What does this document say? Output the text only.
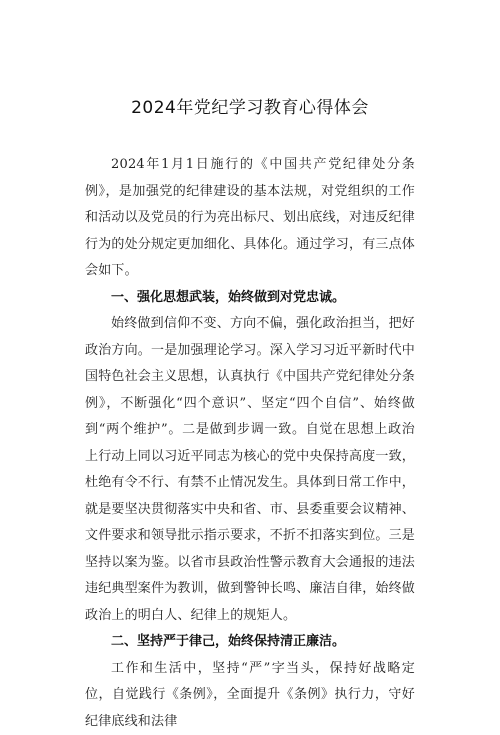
2024年党纪学习教育心得体会

2024年1月1日施行的《中国共产党纪律处分条例》，是加强党的纪律建设的基本法规，对党组织的工作和活动以及党员的行为亮出标尺、划出底线，对违反纪律行为的处分规定更加细化、具体化。通过学习，有三点体会如下。

一、强化思想武装，始终做到对党忠诚。

始终做到信仰不变、方向不偏，强化政治担当，把好政治方向。一是加强理论学习。深入学习习近平新时代中国特色社会主义思想，认真执行《中国共产党纪律处分条例》，不断强化“四个意识”、坚定“四个自信”、始终做到“两个维护”。二是做到步调一致。自觉在思想上政治上行动上同以习近平同志为核心的党中央保持高度一致，杜绝有令不行、有禁不止情况发生。具体到日常工作中，就是要坚决贯彻落实中央和省、市、县委重要会议精神、文件要求和领导批示指示要求，不折不扣落实到位。三是坚持以案为鉴。以省市县政治性警示教育大会通报的违法违纪典型案件为教训，做到警钟长鸣、廉洁自律，始终做政治上的明白人、纪律上的规矩人。

二、坚持严于律己，始终保持清正廉洁。

工作和生活中，坚持“严”字当头，保持好战略定位，自觉践行《条例》，全面提升《条例》执行力，守好纪律底线和法律
